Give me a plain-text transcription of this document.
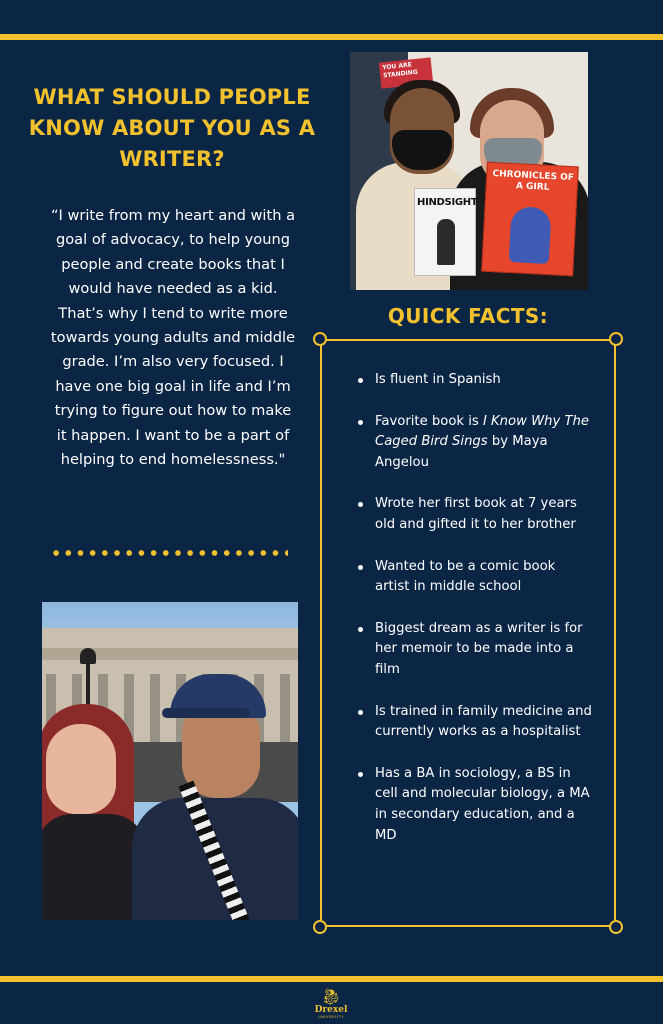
WHAT SHOULD PEOPLE KNOW ABOUT YOU AS A WRITER?

“I write from my heart and with a goal of advocacy, to help young people and create books that I would have needed as a kid. That’s why I tend to write more towards young adults and middle grade. I’m also very focused. I have one big goal in life and I’m trying to figure out how to make it happen. I want to be a part of helping to end homelessness."

YOU ARE STANDING
HINDSIGHT
CHRONICLES OF A GIRL
QUICK FACTS:
Is fluent in Spanish
Favorite book is I Know Why The Caged Bird Sings by Maya Angelou
Wrote her first book at 7 years old and gifted it to her brother
Wanted to be a comic book artist in middle school
Biggest dream as a writer is for her memoir to be made into a film
Is trained in family medicine and currently works as a hospitalist
Has a BA in sociology, a BS in cell and molecular biology, a MA in secondary education, and a MD
🐉︎
Drexel
UNIVERSITY
